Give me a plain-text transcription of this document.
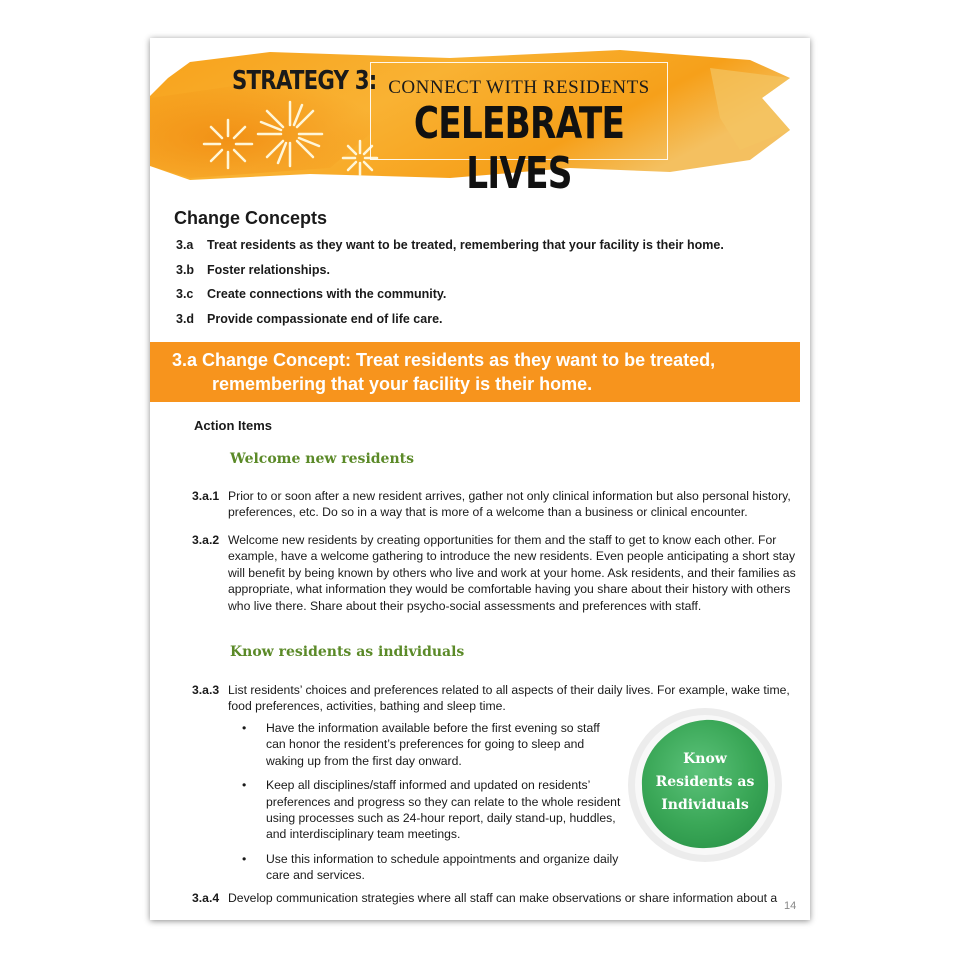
STRATEGY 3: CONNECT WITH RESIDENTS
CELEBRATE LIVES
Change Concepts
3.a	Treat residents as they want to be treated, remembering that your facility is their home.
3.b	Foster relationships.
3.c	Create connections with the community.
3.d	Provide compassionate end of life care.
3.a Change Concept: Treat residents as they want to be treated,
remembering that your facility is their home.
Action Items
Welcome new residents
3.a.1 Prior to or soon after a new resident arrives, gather not only clinical information but also personal history, preferences, etc. Do so in a way that is more of a welcome than a business or clinical encounter.
3.a.2 Welcome new residents by creating opportunities for them and the staff to get to know each other. For example, have a welcome gathering to introduce the new residents. Even people anticipating a short stay will benefit by being known by others who live and work at your home. Ask residents, and their families as appropriate, what information they would be comfortable having you share about their history with others who live there. Share about their psycho-social assessments and preferences with staff.
Know residents as individuals
3.a.3 List residents’ choices and preferences related to all aspects of their daily lives. For example, wake time, food preferences, activities, bathing and sleep time.
• Have the information available before the first evening so staff can honor the resident’s preferences for going to sleep and waking up from the first day onward.
• Keep all disciplines/staff informed and updated on residents’ preferences and progress so they can relate to the whole resident using processes such as 24-hour report, daily stand-up, huddles, and interdisciplinary team meetings.
• Use this information to schedule appointments and organize daily care and services.
Know
Residents as
Individuals
3.a.4 Develop communication strategies where all staff can make observations or share information about a
14
